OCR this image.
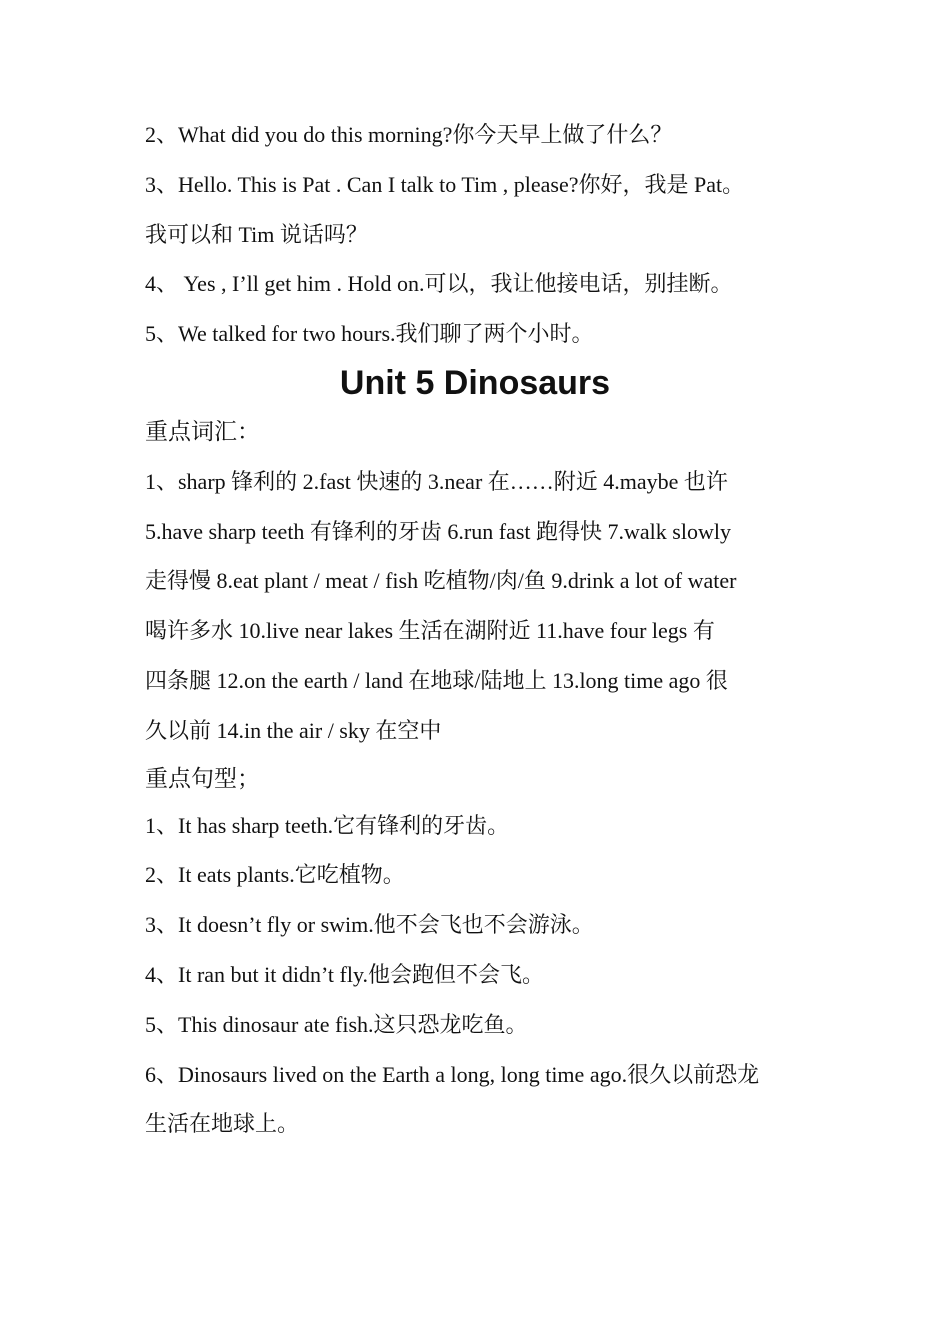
2、What did you do this morning?你今天早上做了什么？

3、Hello. This is Pat . Can I talk to Tim , please?你好，我是 Pat。

我可以和 Tim 说话吗？

4、 Yes , I’ll get him . Hold on.可以，我让他接电话，别挂断。

5、We talked for two hours.我们聊了两个小时。

Unit 5 Dinosaurs

重点词汇：

1、sharp 锋利的 2.fast 快速的 3.near 在……附近 4.maybe 也许

5.have sharp teeth 有锋利的牙齿 6.run fast 跑得快 7.walk slowly

走得慢 8.eat plant / meat / fish 吃植物/肉/鱼 9.drink a lot of water

喝许多水 10.live near lakes 生活在湖附近 11.have four legs 有

四条腿 12.on the earth / land 在地球/陆地上 13.long time ago 很

久以前 14.in the air / sky 在空中

重点句型；

1、It has sharp teeth.它有锋利的牙齿。

2、It eats plants.它吃植物。

3、It doesn’t fly or swim.他不会飞也不会游泳。

4、It ran but it didn’t fly.他会跑但不会飞。

5、This dinosaur ate fish.这只恐龙吃鱼。

6、Dinosaurs lived on the Earth a long, long time ago.很久以前恐龙

生活在地球上。
